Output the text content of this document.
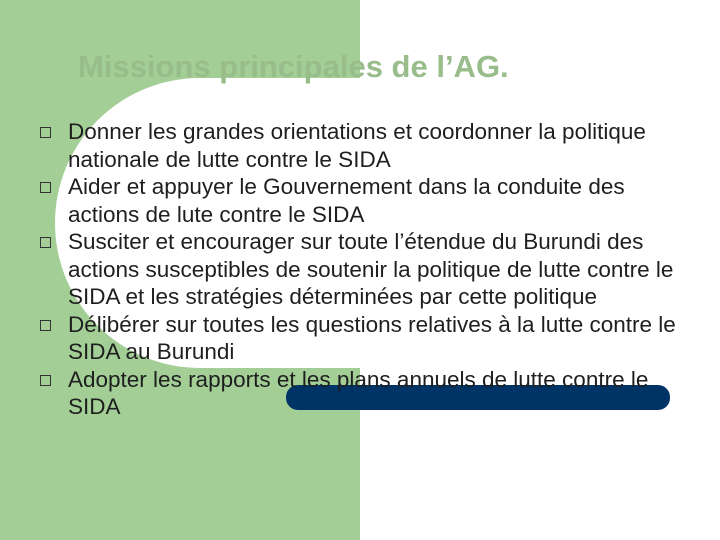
Missions principales de l’AG.
Donner les grandes orientations et coordonner la politique nationale de lutte contre le SIDA
Aider et appuyer le Gouvernement dans la conduite des actions de lute contre le SIDA
Susciter et encourager sur toute l’étendue du Burundi des actions susceptibles de soutenir la politique de lutte contre le SIDA et les stratégies déterminées par cette politique
Délibérer sur toutes les questions relatives à la lutte contre le SIDA au Burundi
Adopter les rapports et les plans annuels de lutte contre le SIDA
